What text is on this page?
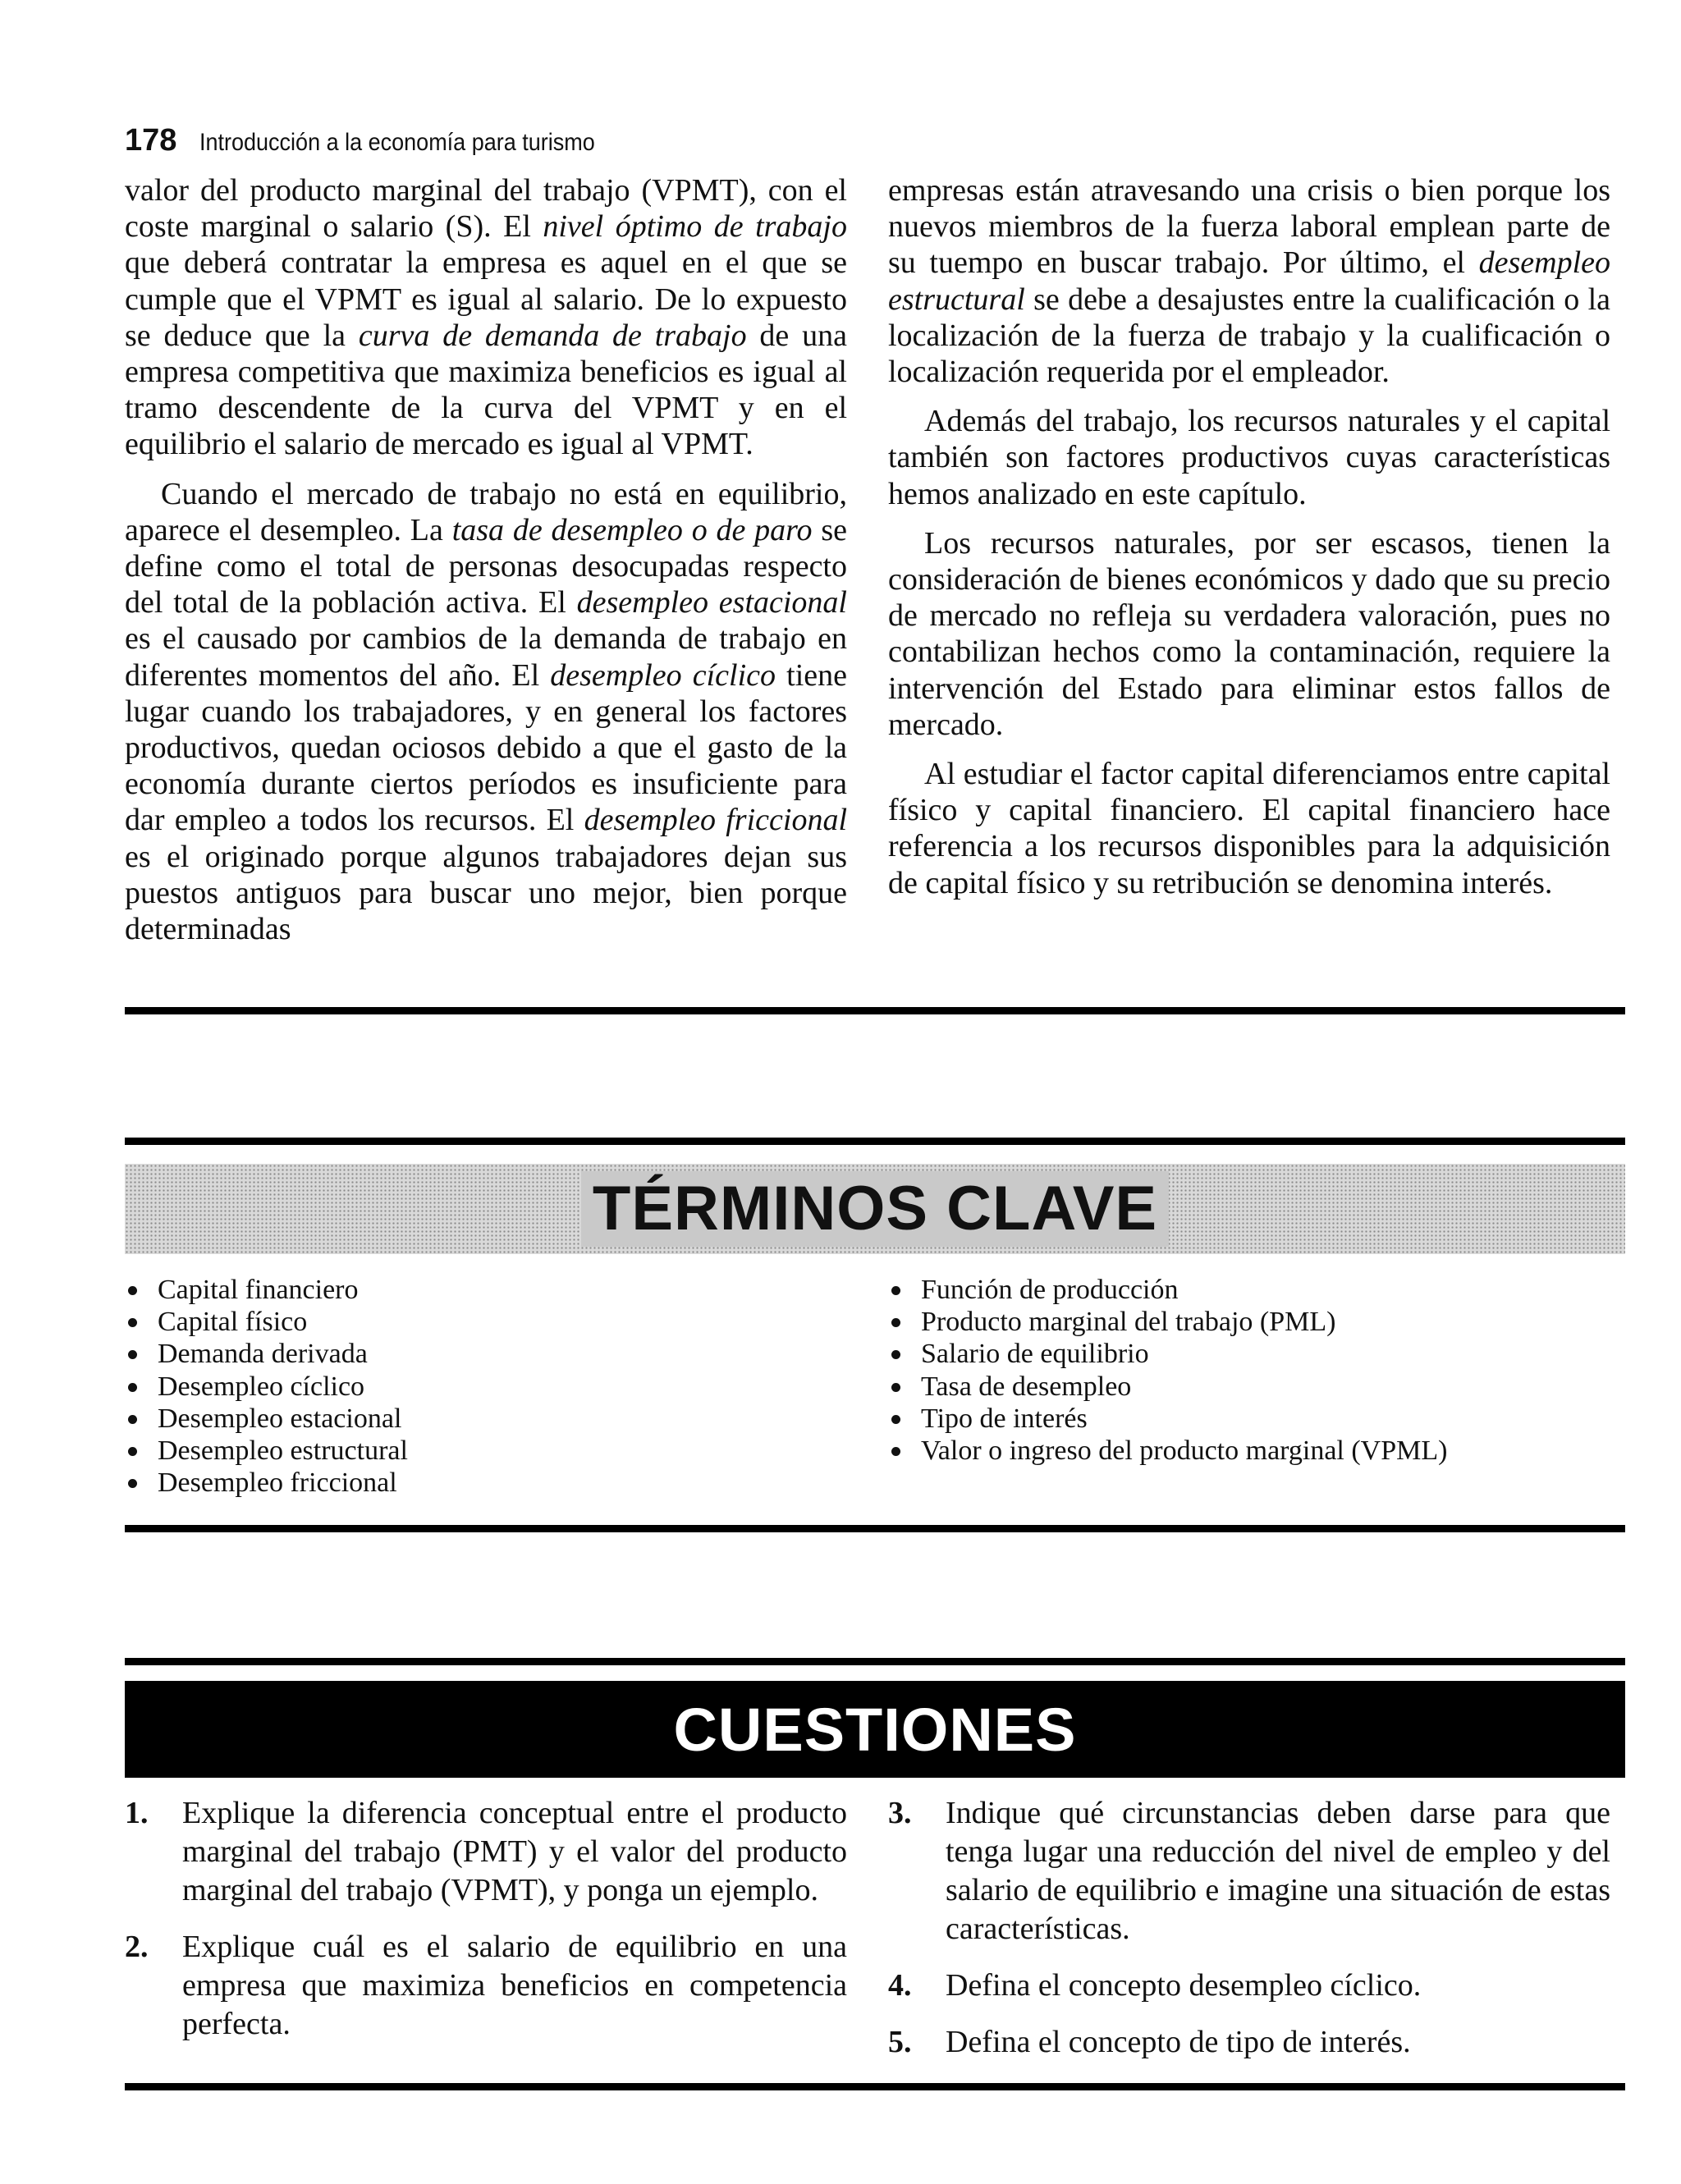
178 Introducción a la economía para turismo

valor del producto marginal del trabajo (VPMT), con el coste marginal o salario (S). El nivel óptimo de trabajo que deberá contratar la empresa es aquel en el que se cumple que el VPMT es igual al salario. De lo expuesto se deduce que la curva de demanda de trabajo de una empresa competitiva que maximiza beneficios es igual al tramo descendente de la curva del VPMT y en el equilibrio el salario de mercado es igual al VPMT.

Cuando el mercado de trabajo no está en equilibrio, aparece el desempleo. La tasa de desempleo o de paro se define como el total de personas desocupadas respecto del total de la población activa. El desempleo estacional es el causado por cambios de la demanda de trabajo en diferentes momentos del año. El desempleo cíclico tiene lugar cuando los trabajadores, y en general los factores productivos, quedan ociosos debido a que el gasto de la economía durante ciertos períodos es insuficiente para dar empleo a todos los recursos. El desempleo friccional es el originado porque algunos trabajadores dejan sus puestos antiguos para buscar uno mejor, bien porque determinadas

empresas están atravesando una crisis o bien porque los nuevos miembros de la fuerza laboral emplean parte de su tuempo en buscar trabajo. Por último, el desempleo estructural se debe a desajustes entre la cualificación o la localización de la fuerza de trabajo y la cualificación o localización requerida por el empleador.

Además del trabajo, los recursos naturales y el capital también son factores productivos cuyas características hemos analizado en este capítulo.

Los recursos naturales, por ser escasos, tienen la consideración de bienes económicos y dado que su precio de mercado no refleja su verdadera valoración, pues no contabilizan hechos como la contaminación, requiere la intervención del Estado para eliminar estos fallos de mercado.

Al estudiar el factor capital diferenciamos entre capital físico y capital financiero. El capital financiero hace referencia a los recursos disponibles para la adquisición de capital físico y su retribución se denomina interés.

TÉRMINOS CLAVE
Capital financiero
Capital físico
Demanda derivada
Desempleo cíclico
Desempleo estacional
Desempleo estructural
Desempleo friccional
Función de producción
Producto marginal del trabajo (PML)
Salario de equilibrio
Tasa de desempleo
Tipo de interés
Valor o ingreso del producto marginal (VPML)
CUESTIONES
1.	Explique la diferencia conceptual entre el producto marginal del trabajo (PMT) y el valor del producto marginal del trabajo (VPMT), y ponga un ejemplo.
2.	Explique cuál es el salario de equilibrio en una empresa que maximiza beneficios en competencia perfecta.
3.	Indique qué circunstancias deben darse para que tenga lugar una reducción del nivel de empleo y del salario de equilibrio e imagine una situación de estas características.
4.	Defina el concepto desempleo cíclico.
5.	Defina el concepto de tipo de interés.
